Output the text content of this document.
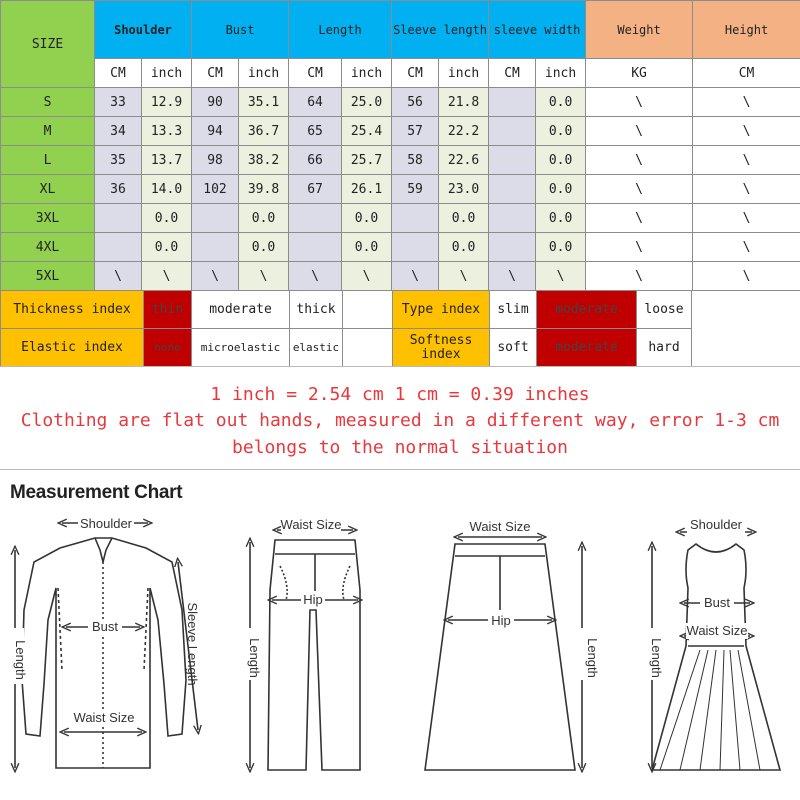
SIZE	Shoulder		Bust		Length		Sleeve length		sleeve width		Weight	Height
	CM	inch	CM	inch	CM	inch	CM	inch	CM	inch	KG	CM
S	33	12.9	90	35.1	64	25.0	56	21.8		0.0	\	\
M	34	13.3	94	36.7	65	25.4	57	22.2		0.0	\	\
L	35	13.7	98	38.2	66	25.7	58	22.6		0.0	\	\
XL	36	14.0	102	39.8	67	26.1	59	23.0		0.0	\	\
3XL		0.0		0.0		0.0		0.0		0.0	\	\
4XL		0.0		0.0		0.0		0.0		0.0	\	\
5XL	\	\	\	\	\	\	\	\	\	\	\	\
Thickness index	thin	moderate	thick		Type index	slim	moderate	loose	
Elastic index	none	microelastic	elastic		Softness index	soft	moderate	hard	
1 inch = 2.54 cm 1 cm = 0.39 inches
Clothing are flat out hands, measured in a different way, error 1-3 cm
belongs to the normal situation
Measurement Chart
Shoulder
Bust
Waist Size
Length	Sleeve Length
Waist Size
Hip
Length
Waist Size
Hip
Length
Shoulder
Bust
Waist Size
Length
